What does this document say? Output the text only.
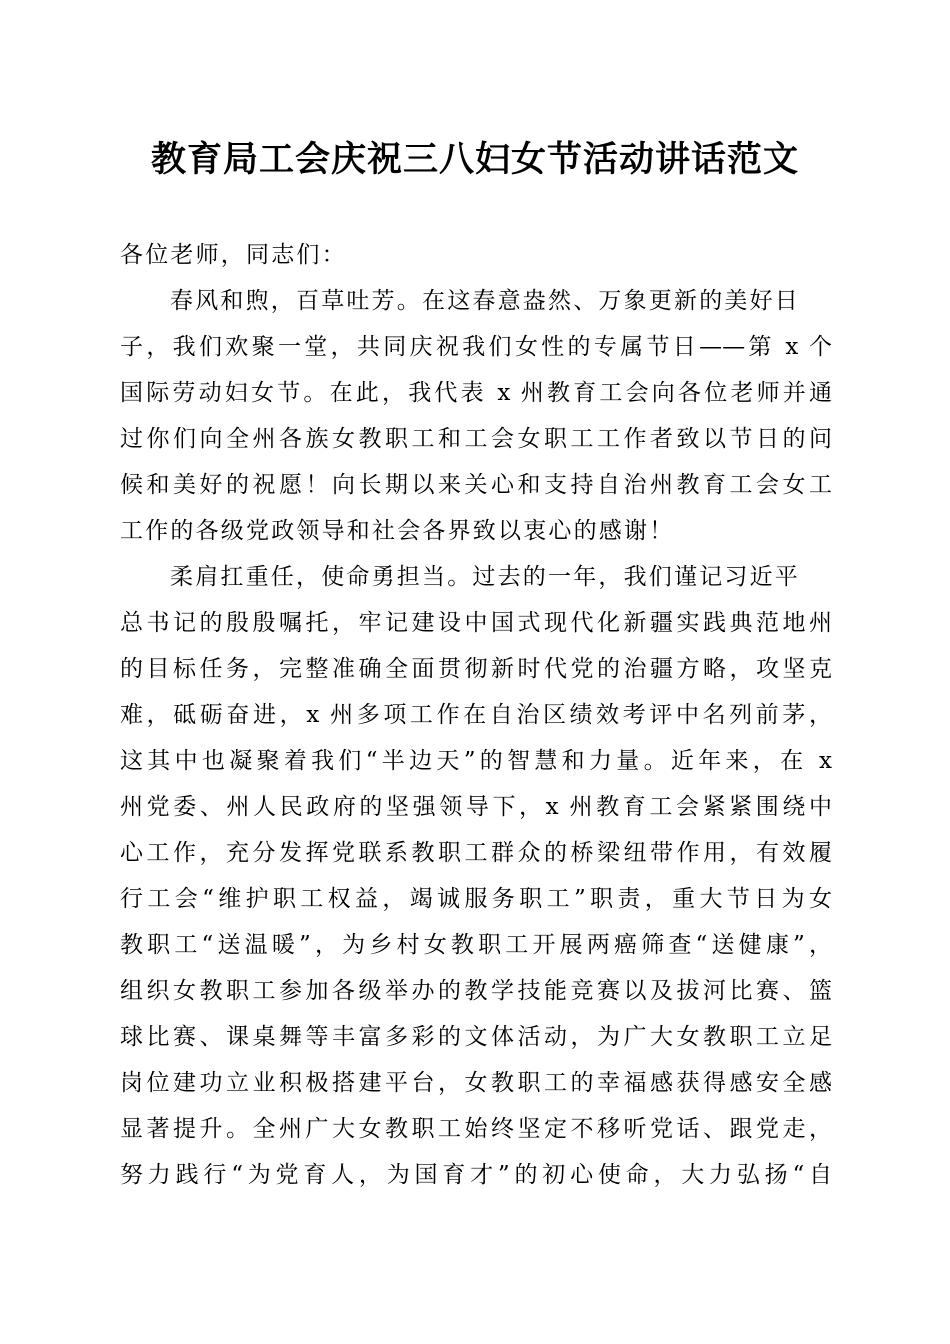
教育局工会庆祝三八妇女节活动讲话范文
各位老师，同志们：
春风和煦，百草吐芳。在这春意盎然、万象更新的美好日
子，我们欢聚一堂，共同庆祝我们女性的专属节日——第 x 个
国际劳动妇女节。在此，我代表 x 州教育工会向各位老师并通
过你们向全州各族女教职工和工会女职工工作者致以节日的问
候和美好的祝愿！向长期以来关心和支持自治州教育工会女工
工作的各级党政领导和社会各界致以衷心的感谢！
柔肩扛重任，使命勇担当。过去的一年，我们谨记习近平
总书记的殷殷嘱托，牢记建设中国式现代化新疆实践典范地州
的目标任务，完整准确全面贯彻新时代党的治疆方略，攻坚克
难，砥砺奋进，x 州多项工作在自治区绩效考评中名列前茅，
这其中也凝聚着我们“半边天”的智慧和力量。近年来，在 x
州党委、州人民政府的坚强领导下，x 州教育工会紧紧围绕中
心工作，充分发挥党联系教职工群众的桥梁纽带作用，有效履
行工会“维护职工权益，竭诚服务职工”职责，重大节日为女
教职工“送温暖”，为乡村女教职工开展两癌筛查“送健康”，
组织女教职工参加各级举办的教学技能竞赛以及拔河比赛、篮
球比赛、课桌舞等丰富多彩的文体活动，为广大女教职工立足
岗位建功立业积极搭建平台，女教职工的幸福感获得感安全感
显著提升。全州广大女教职工始终坚定不移听党话、跟党走，
努力践行“为党育人，为国育才”的初心使命，大力弘扬“自
